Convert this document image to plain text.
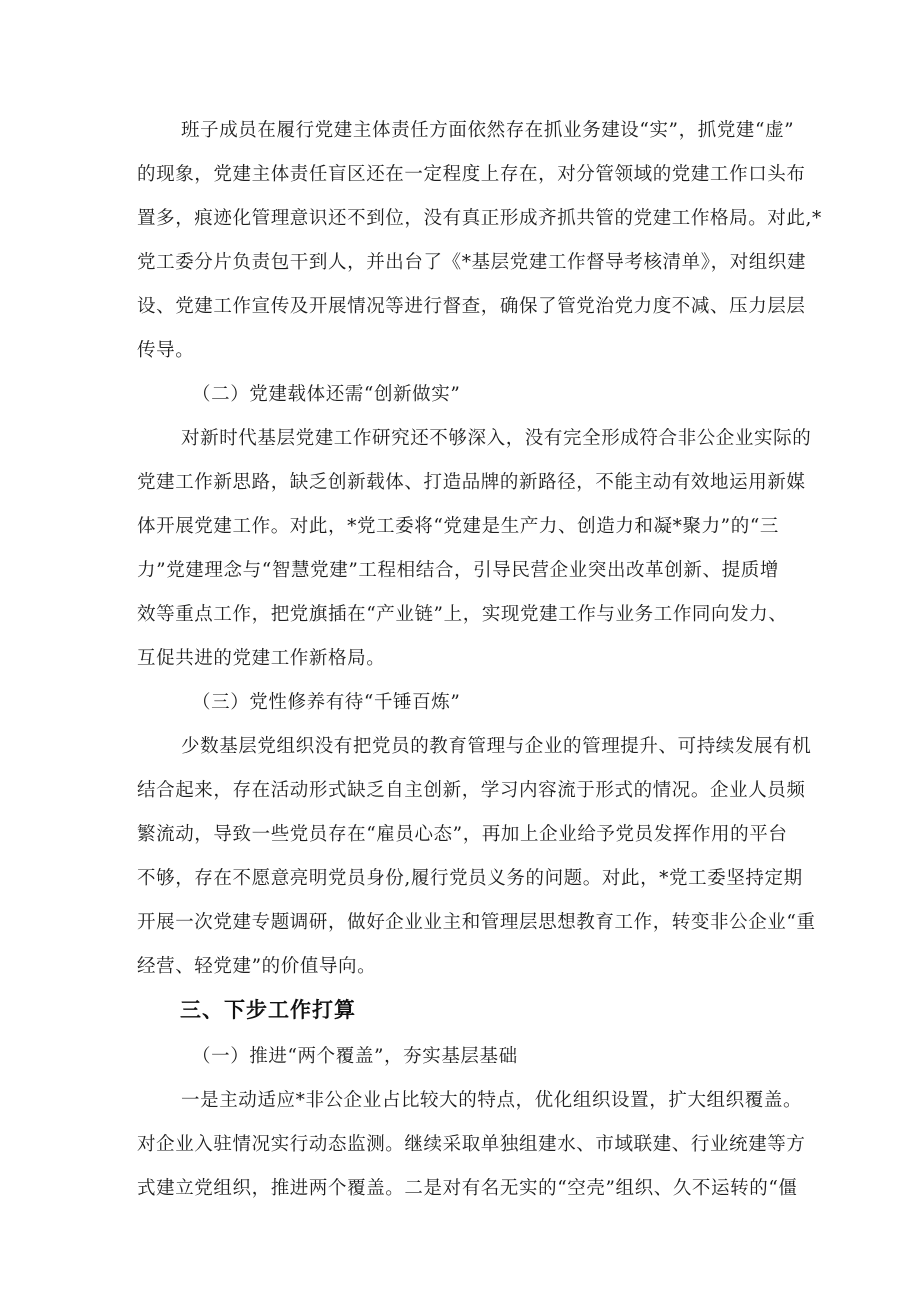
班子成员在履行党建主体责任方面依然存在抓业务建设“实”，抓党建“虚”

的现象，党建主体责任盲区还在一定程度上存在，对分管领域的党建工作口头布

置多，痕迹化管理意识还不到位，没有真正形成齐抓共管的党建工作格局。对此,*

党工委分片负责包干到人，并出台了《*基层党建工作督导考核清单》，对组织建

设、党建工作宣传及开展情况等进行督查，确保了管党治党力度不减、压力层层

传导。

（二）党建载体还需“创新做实”

对新时代基层党建工作研究还不够深入，没有完全形成符合非公企业实际的

党建工作新思路，缺乏创新载体、打造品牌的新路径，不能主动有效地运用新媒

体开展党建工作。对此，*党工委将“党建是生产力、创造力和凝*聚力”的“三

力”党建理念与“智慧党建”工程相结合，引导民营企业突出改革创新、提质增

效等重点工作，把党旗插在“产业链”上，实现党建工作与业务工作同向发力、

互促共进的党建工作新格局。

（三）党性修养有待“千锤百炼”

少数基层党组织没有把党员的教育管理与企业的管理提升、可持续发展有机

结合起来，存在活动形式缺乏自主创新，学习内容流于形式的情况。企业人员频

繁流动，导致一些党员存在“雇员心态”，再加上企业给予党员发挥作用的平台

不够，存在不愿意亮明党员身份,履行党员义务的问题。对此，*党工委坚持定期

开展一次党建专题调研，做好企业业主和管理层思想教育工作，转变非公企业“重

经营、轻党建”的价值导向。

三、下步工作打算

（一）推进“两个覆盖”，夯实基层基础

一是主动适应*非公企业占比较大的特点，优化组织设置，扩大组织覆盖。

对企业入驻情况实行动态监测。继续采取单独组建水、市域联建、行业统建等方

式建立党组织，推进两个覆盖。二是对有名无实的“空壳”组织、久不运转的“僵
